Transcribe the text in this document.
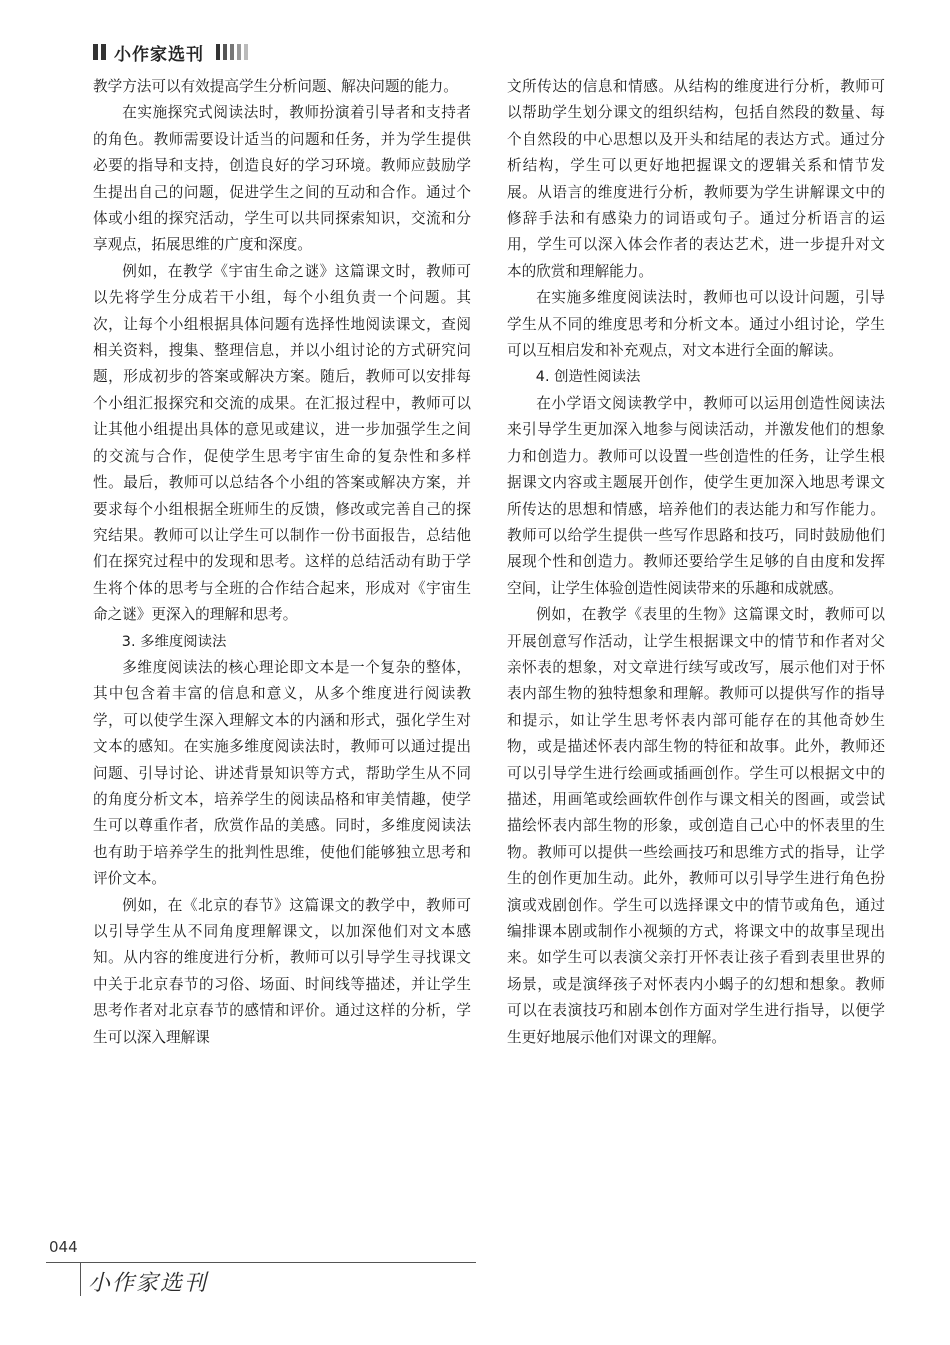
小作家选刊

教学方法可以有效提高学生分析问题、解决问题的能力。

在实施探究式阅读法时，教师扮演着引导者和支持者的角色。教师需要设计适当的问题和任务，并为学生提供必要的指导和支持，创造良好的学习环境。教师应鼓励学生提出自己的问题，促进学生之间的互动和合作。通过个体或小组的探究活动，学生可以共同探索知识，交流和分享观点，拓展思维的广度和深度。

例如，在教学《宇宙生命之谜》这篇课文时，教师可以先将学生分成若干小组，每个小组负责一个问题。其次，让每个小组根据具体问题有选择性地阅读课文，查阅相关资料，搜集、整理信息，并以小组讨论的方式研究问题，形成初步的答案或解决方案。随后，教师可以安排每个小组汇报探究和交流的成果。在汇报过程中，教师可以让其他小组提出具体的意见或建议，进一步加强学生之间的交流与合作，促使学生思考宇宙生命的复杂性和多样性。最后，教师可以总结各个小组的答案或解决方案，并要求每个小组根据全班师生的反馈，修改或完善自己的探究结果。教师可以让学生可以制作一份书面报告，总结他们在探究过程中的发现和思考。这样的总结活动有助于学生将个体的思考与全班的合作结合起来，形成对《宇宙生命之谜》更深入的理解和思考。

3. 多维度阅读法

多维度阅读法的核心理论即文本是一个复杂的整体，其中包含着丰富的信息和意义，从多个维度进行阅读教学，可以使学生深入理解文本的内涵和形式，强化学生对文本的感知。在实施多维度阅读法时，教师可以通过提出问题、引导讨论、讲述背景知识等方式，帮助学生从不同的角度分析文本，培养学生的阅读品格和审美情趣，使学生可以尊重作者，欣赏作品的美感。同时，多维度阅读法也有助于培养学生的批判性思维，使他们能够独立思考和评价文本。

例如，在《北京的春节》这篇课文的教学中，教师可以引导学生从不同角度理解课文，以加深他们对文本感知。从内容的维度进行分析，教师可以引导学生寻找课文中关于北京春节的习俗、场面、时间线等描述，并让学生思考作者对北京春节的感情和评价。通过这样的分析，学生可以深入理解课

文所传达的信息和情感。从结构的维度进行分析，教师可以帮助学生划分课文的组织结构，包括自然段的数量、每个自然段的中心思想以及开头和结尾的表达方式。通过分析结构，学生可以更好地把握课文的逻辑关系和情节发展。从语言的维度进行分析，教师要为学生讲解课文中的修辞手法和有感染力的词语或句子。通过分析语言的运用，学生可以深入体会作者的表达艺术，进一步提升对文本的欣赏和理解能力。

在实施多维度阅读法时，教师也可以设计问题，引导学生从不同的维度思考和分析文本。通过小组讨论，学生可以互相启发和补充观点，对文本进行全面的解读。

4. 创造性阅读法

在小学语文阅读教学中，教师可以运用创造性阅读法来引导学生更加深入地参与阅读活动，并激发他们的想象力和创造力。教师可以设置一些创造性的任务，让学生根据课文内容或主题展开创作，使学生更加深入地思考课文所传达的思想和情感，培养他们的表达能力和写作能力。教师可以给学生提供一些写作思路和技巧，同时鼓励他们展现个性和创造力。教师还要给学生足够的自由度和发挥空间，让学生体验创造性阅读带来的乐趣和成就感。

例如，在教学《表里的生物》这篇课文时，教师可以开展创意写作活动，让学生根据课文中的情节和作者对父亲怀表的想象，对文章进行续写或改写，展示他们对于怀表内部生物的独特想象和理解。教师可以提供写作的指导和提示，如让学生思考怀表内部可能存在的其他奇妙生物，或是描述怀表内部生物的特征和故事。此外，教师还可以引导学生进行绘画或插画创作。学生可以根据文中的描述，用画笔或绘画软件创作与课文相关的图画，或尝试描绘怀表内部生物的形象，或创造自己心中的怀表里的生物。教师可以提供一些绘画技巧和思维方式的指导，让学生的创作更加生动。此外，教师可以引导学生进行角色扮演或戏剧创作。学生可以选择课文中的情节或角色，通过编排课本剧或制作小视频的方式，将课文中的故事呈现出来。如学生可以表演父亲打开怀表让孩子看到表里世界的场景，或是演绎孩子对怀表内小蝎子的幻想和想象。教师可以在表演技巧和剧本创作方面对学生进行指导，以便学生更好地展示他们对课文的理解。

044
小作家选刊
